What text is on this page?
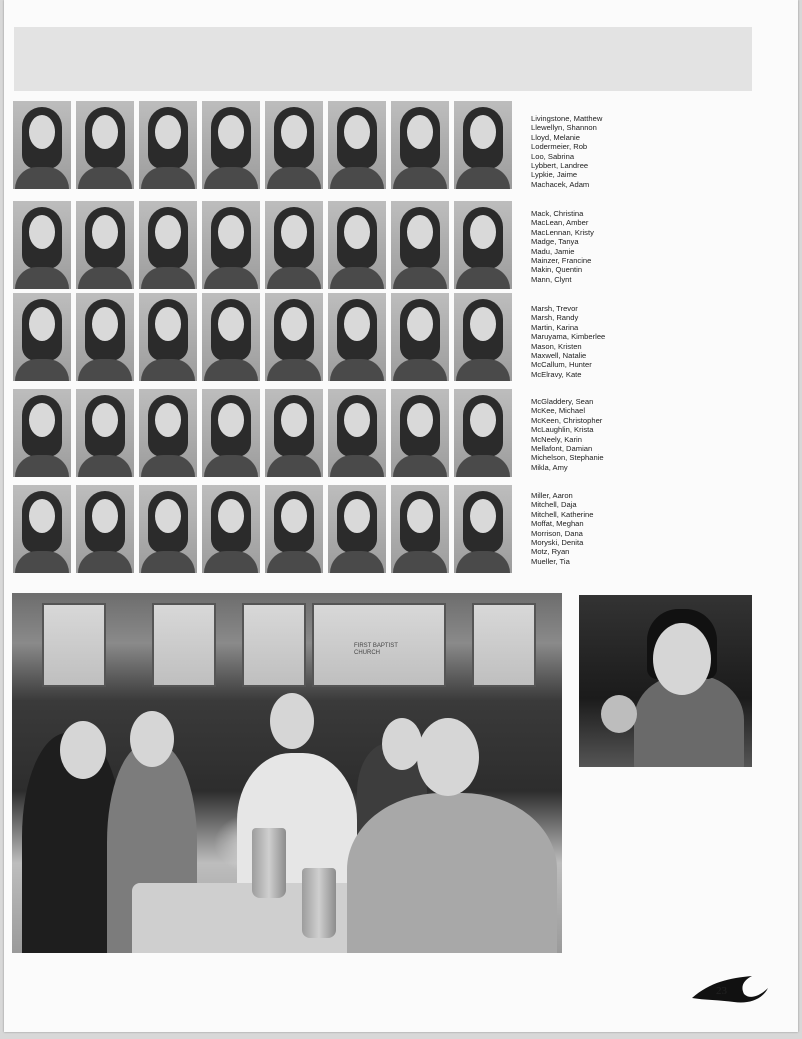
Livingstone, Matthew
Llewellyn, Shannon
Lloyd, Melanie
Lodermeier, Rob
Loo, Sabrina
Lybbert, Landree
Lypkie, Jaime
Machacek, Adam
Mack, Christina
MacLean, Amber
MacLennan, Kristy
Madge, Tanya
Madu, Jamie
Mainzer, Francine
Makin, Quentin
Mann, Clynt
Marsh, Trevor
Marsh, Randy
Martin, Karina
Maruyama, Kimberlee
Mason, Kristen
Maxwell, Natalie
McCallum, Hunter
McElravy, Kate
McGladdery, Sean
McKee, Michael
McKeen, Christopher
McLaughlin, Krista
McNeely, Karin
Mellafont, Damian
Michelson, Stephanie
Mikla, Amy
Miller, Aaron
Mitchell, Daja
Mitchell, Katherine
Moffat, Meghan
Morrison, Dana
Moryski, Denita
Motz, Ryan
Mueller, Tia
FIRST BAPTIST CHURCH
23
